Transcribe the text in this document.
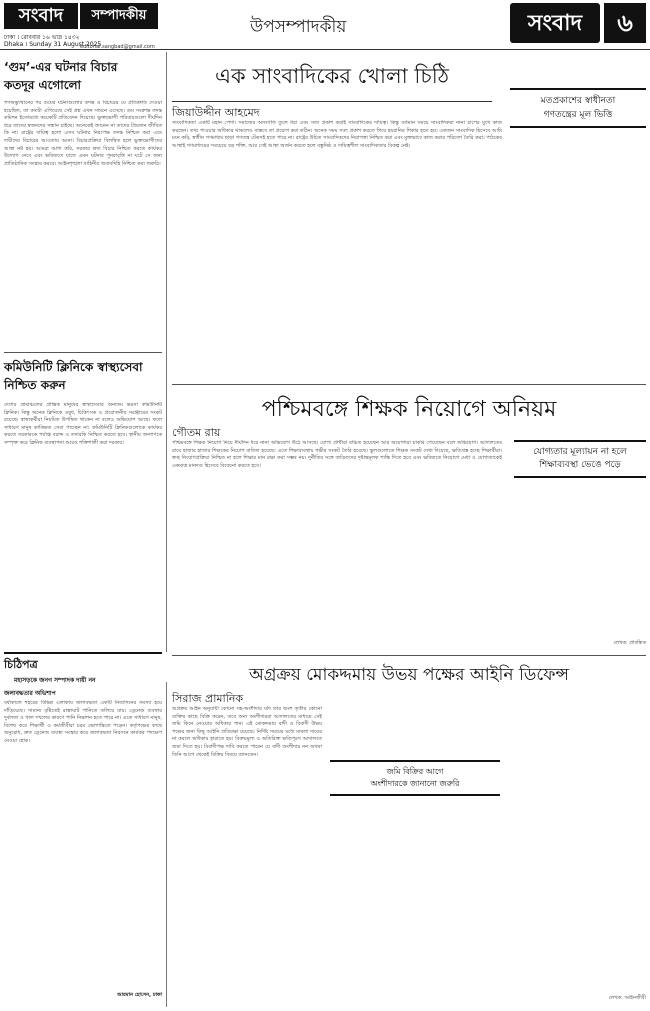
সংবাদ	সম্পাদকীয়
ঢাকা । রোববার ১৬ ভাদ্র ১৪৩২
Dhaka । Sunday 31 August 2025
editorial.sangbad@gmail.com
উপসম্পাদকীয়	সংবাদ	৬
‘গুম’-এর ঘটনার বিচার
কতদূর এগোলো
গণঅভ্যুত্থানের পর গুমের ঘটনাগুলোর তদন্ত ও বিচারের যে প্রতিশ্রুতি দেওয়া হয়েছিল, তা কতটা এগিয়েছে সেই প্রশ্ন এখন সামনে এসেছে। গুম সংক্রান্ত তদন্ত কমিশন ইতোমধ্যে কয়েকটি প্রতিবেদন দিয়েছে। ভুক্তভোগী পরিবারগুলো দীর্ঘদিন ধরে তাদের স্বজনদের সন্ধান চাইছে। অনেকেই জানেন না তাদের প্রিয়জন জীবিত কি না। রাষ্ট্রের দায়িত্ব হলো এসব ঘটনার নিরপেক্ষ তদন্ত নিশ্চিত করা এবং দায়ীদের বিচারের আওতায় আনা। বিচারপ্রক্রিয়া বিলম্বিত হলে ভুক্তভোগীদের আস্থা নষ্ট হয়। আমরা আশা করি, সরকার দ্রুত বিচার নিশ্চিত করতে কার্যকর উদ্যোগ নেবে এবং ভবিষ্যতে যাতে এমন ঘটনার পুনরাবৃত্তি না ঘটে সে জন্য প্রাতিষ্ঠানিক সংস্কার করবে। আইনশৃঙ্খলা বাহিনীর জবাবদিহি নিশ্চিত করা জরুরি।
কমিউনিটি ক্লিনিকে স্বাস্থ্যসেবা
নিশ্চিত করুন
দেশের গ্রামাঞ্চলের প্রান্তিক মানুষের স্বাস্থ্যসেবার অন্যতম ভরসা কমিউনিটি ক্লিনিক। কিন্তু অনেক ক্লিনিকে ওষুধ, চিকিৎসক ও প্রয়োজনীয় সরঞ্জামের সংকট রয়েছে। স্বাস্থ্যকর্মীরা নিয়মিত উপস্থিত থাকেন না বলেও অভিযোগ আছে। ফলে সাধারণ মানুষ কাঙ্ক্ষিত সেবা পাচ্ছেন না। কমিউনিটি ক্লিনিকগুলোকে কার্যকর করতে সরকারকে পর্যাপ্ত বরাদ্দ ও তদারকি নিশ্চিত করতে হবে। স্থানীয় জনগণকে সম্পৃক্ত করে ক্লিনিক ব্যবস্থাপনা আরও শক্তিশালী করা দরকার।
চিঠিপত্র
মহাসড়কে জনগ সম্পাদক দায়ী নন
জলাবদ্ধতার অভিশাপ
বর্ষাকালে শহরের বিভিন্ন এলাকায় জলাবদ্ধতা একটি নিত্যদিনের সমস্যা হয়ে দাঁড়িয়েছে। সামান্য বৃষ্টিতেই রাস্তাঘাট পানিতে তলিয়ে যায়। ড্রেনেজ ব্যবস্থার দুর্বলতা ও খাল দখলের কারণে পানি নিষ্কাশন হতে পারে না। এতে সাধারণ মানুষ, বিশেষ করে শিক্ষার্থী ও কর্মজীবীরা চরম ভোগান্তিতে পড়েন। কর্তৃপক্ষের কাছে অনুরোধ, দ্রুত ড্রেনেজ ব্যবস্থা সংস্কার করে জলাবদ্ধতা নিরসনে কার্যকর পদক্ষেপ নেওয়া হোক।
আরমান হোসেন, ঢাকা
এক সাংবাদিকের খোলা চিঠি
জিয়াউদ্দীন আহমেদ
সাংবাদিকতা একটি মহান পেশা। সমাজের অসংগতি তুলে ধরা এবং সত্য প্রকাশ করাই সাংবাদিকের দায়িত্ব। কিন্তু বর্তমান সময়ে সাংবাদিকরা নানা চাপের মুখে কাজ করছেন। তথ্য পাওয়ার অধিকার থাকলেও বাস্তবে তা প্রয়োগ করা কঠিন। অনেক সময় সত্য প্রকাশ করতে গিয়ে হয়রানির শিকার হতে হয়। একজন সাংবাদিক হিসেবে আমি মনে করি, স্বাধীন গণমাধ্যম ছাড়া গণতন্ত্র টেকসই হতে পারে না। রাষ্ট্রের উচিত সাংবাদিকদের নিরাপত্তা নিশ্চিত করা এবং মুক্তভাবে কাজ করার পরিবেশ তৈরি করা। পাঠকের আস্থাই গণমাধ্যমের সবচেয়ে বড় শক্তি, আর সেই আস্থা অর্জন করতে হলে বস্তুনিষ্ঠ ও দায়িত্বশীল সাংবাদিকতার বিকল্প নেই।
মতপ্রকাশের স্বাধীনতা
গণতন্ত্রের মূল ভিত্তি
পশ্চিমবঙ্গে শিক্ষক নিয়োগে অনিয়ম
গৌতম রায়
পশ্চিমবঙ্গে শিক্ষক নিয়োগ নিয়ে দীর্ঘদিন ধরে নানা অভিযোগ উঠে আসছে। যোগ্য প্রার্থীরা বঞ্চিত হয়েছেন আর অযোগ্যরা চাকরি পেয়েছেন বলে অভিযোগ। আদালতের রায়ে হাজার হাজার শিক্ষকের নিয়োগ বাতিল হয়েছে। এতে শিক্ষাব্যবস্থায় গভীর সংকট তৈরি হয়েছে। স্কুলগুলোতে শিক্ষক সংকট দেখা দিয়েছে, ক্ষতিগ্রস্ত হচ্ছে শিক্ষার্থীরা। স্বচ্ছ নিয়োগপ্রক্রিয়া নিশ্চিত না হলে শিক্ষার মান রক্ষা করা সম্ভব নয়। দুর্নীতির সঙ্গে জড়িতদের দৃষ্টান্তমূলক শাস্তি দিতে হবে এবং ভবিষ্যতে নিয়োগে মেধা ও যোগ্যতাকেই একমাত্র মানদণ্ড হিসেবে বিবেচনা করতে হবে।
যোগ্যতার মূল্যায়ন না হলে
শিক্ষাব্যবস্থা ভেঙে পড়ে
লেখক: প্রাবন্ধিক
অগ্রক্রয় মোকদ্দমায় উভয় পক্ষের আইনি ডিফেন্স
সিরাজ প্রামানিক
অগ্রক্রয় আইন অনুযায়ী কোনো সহ-অংশীদার যদি তার অংশ তৃতীয় কোনো ব্যক্তির কাছে বিক্রি করেন, তবে অন্য অংশীদাররা আদালতের মাধ্যমে সেই জমি কিনে নেওয়ার অধিকার পান। এই মোকদ্দমায় বাদী ও বিবাদী উভয় পক্ষের জন্য কিছু আইনি প্রতিরক্ষা রয়েছে। নির্দিষ্ট সময়ের মধ্যে মামলা দায়ের না করলে অধিকার হারাতে হয়। বিক্রয়মূল্য ও অতিরিক্ত ক্ষতিপূরণ আদালতে জমা দিতে হয়। বিবাদীপক্ষ দাবি করতে পারেন যে বাদী অংশীদার নন অথবা তিনি আগে থেকেই বিক্রির বিষয়ে জানতেন।
জমি বিক্রির আগে
অংশীদারকে জানানো জরুরি
লেখক: আইনজীবী
